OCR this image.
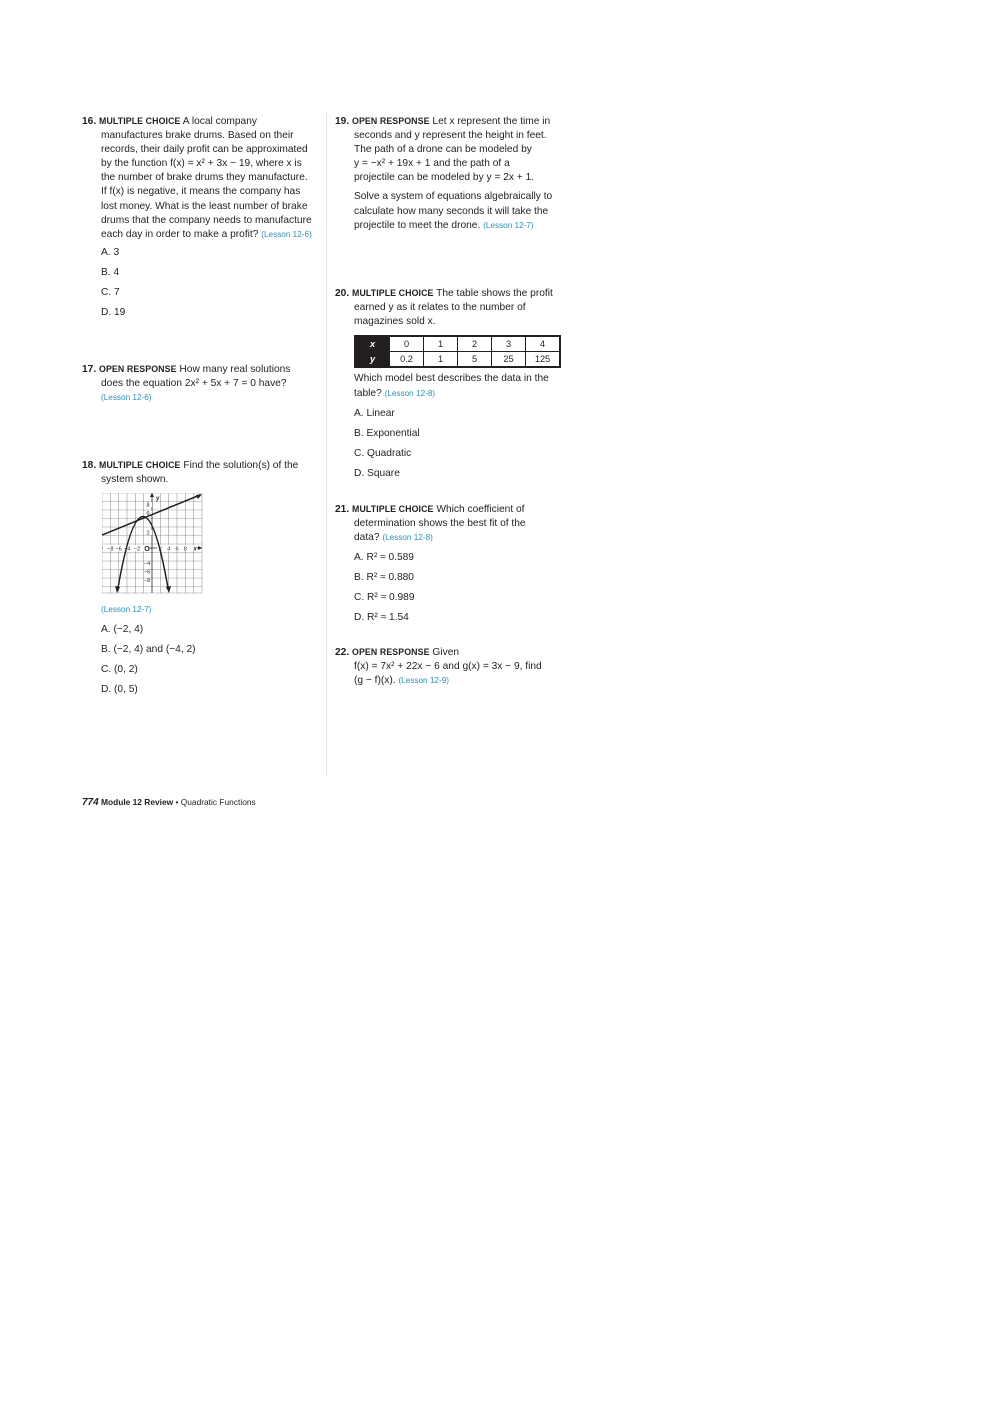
16. MULTIPLE CHOICE A local company
manufactures brake drums. Based on their
records, their daily profit can be approximated
by the function f(x) = x² + 3x − 19, where x is
the number of brake drums they manufacture.
If f(x) is negative, it means the company has
lost money. What is the least number of brake
drums that the company needs to manufacture
each day in order to make a profit? (Lesson 12-6)

A. 3

B. 4

C. 7

D. 19

17. OPEN RESPONSE How many real solutions
does the equation 2x² + 5x + 7 = 0 have?
(Lesson 12-6)

18. MULTIPLE CHOICE Find the solution(s) of the
system shown.

8
6
2
−4
−6
−8
−8 −6 −4 −2 O 2 4 6 8 x
y

(Lesson 12-7)

A. (−2, 4)

B. (−2, 4) and (−4, 2)

C. (0, 2)

D. (0, 5)

19. OPEN RESPONSE Let x represent the time in
seconds and y represent the height in feet.
The path of a drone can be modeled by
y = −x² + 19x + 1 and the path of a
projectile can be modeled by y = 2x + 1.

Solve a system of equations algebraically to
calculate how many seconds it will take the
projectile to meet the drone. (Lesson 12-7)

20. MULTIPLE CHOICE The table shows the profit
earned y as it relates to the number of
magazines sold x.

x	0	1	2	3	4
y	0.2	1	5	25	125

Which model best describes the data in the
table? (Lesson 12-8)

A. Linear

B. Exponential

C. Quadratic

D. Square

21. MULTIPLE CHOICE Which coefficient of
determination shows the best fit of the
data? (Lesson 12-8)

A. R² ≈ 0.589

B. R² ≈ 0.880

C. R² ≈ 0.989

D. R² ≈ 1.54

22. OPEN RESPONSE Given
f(x) = 7x² + 22x − 6 and g(x) = 3x − 9, find
(g − f)(x). (Lesson 12-9)

774 Module 12 Review • Quadratic Functions
